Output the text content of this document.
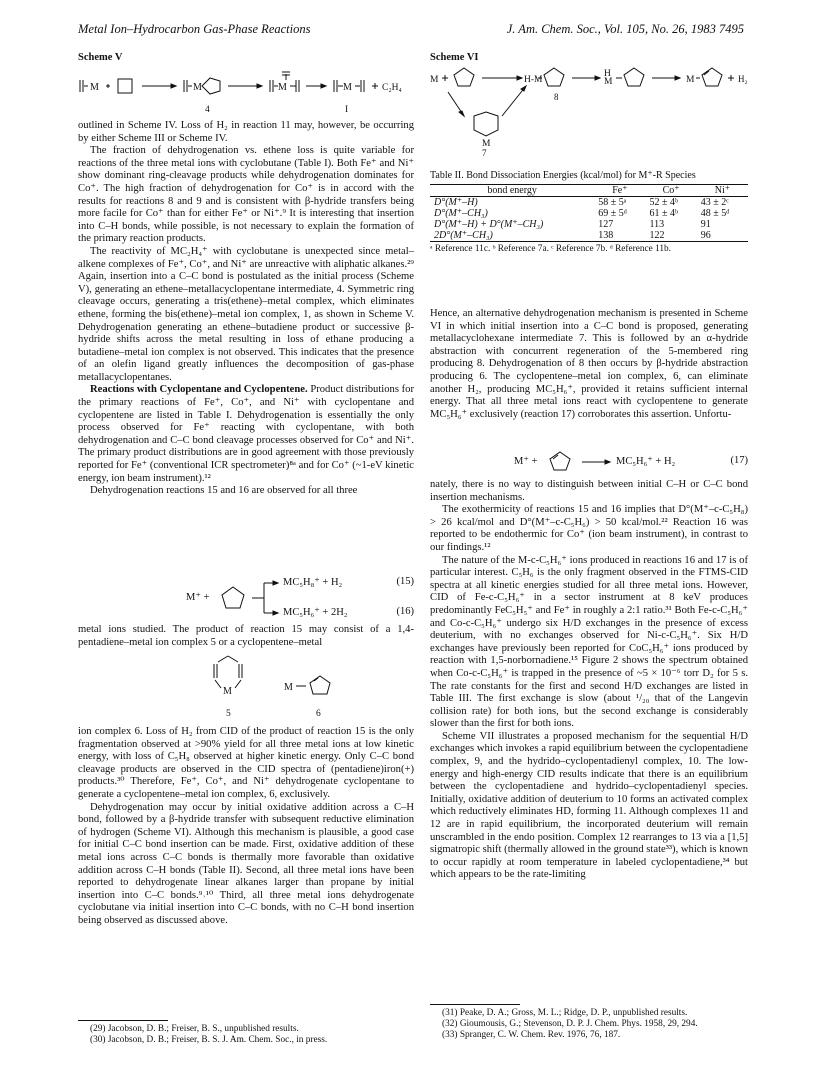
Metal Ion–Hydrocarbon Gas-Phase Reactions	J. Am. Chem. Soc., Vol. 105, No. 26, 1983 7495
Scheme V
M	M	M	M
4	I
C₂H₄

outlined in Scheme IV. Loss of H₂ in reaction 11 may, however, be occurring by either Scheme III or Scheme IV.

The fraction of dehydrogenation vs. ethene loss is quite variable for reactions of the three metal ions with cyclobutane (Table I). Both Fe⁺ and Ni⁺ show dominant ring-cleavage products while dehydrogenation dominates for Co⁺. The high fraction of dehydrogenation for Co⁺ is in accord with the results for reactions 8 and 9 and is consistent with β-hydride transfers being more facile for Co⁺ than for either Fe⁺ or Ni⁺.⁹ It is interesting that insertion into C–H bonds, while possible, is not necessary to explain the formation of the primary reaction products.

The reactivity of MC₂H₄⁺ with cyclobutane is unexpected since metal–alkene complexes of Fe⁺, Co⁺, and Ni⁺ are unreactive with aliphatic alkanes.²⁹ Again, insertion into a C–C bond is postulated as the initial process (Scheme V), generating an ethene–metallacyclopentane intermediate, 4. Symmetric ring cleavage occurs, generating a tris(ethene)–metal complex, which eliminates ethene, forming the bis(ethene)–metal ion complex, 1, as shown in Scheme V. Dehydrogenation generating an ethene–butadiene product or successive β-hydride shifts across the metal resulting in loss of ethane producing a butadiene–metal ion complex is not observed. This indicates that the presence of an olefin ligand greatly influences the decomposition of gas-phase metallacyclopentanes.

Reactions with Cyclopentane and Cyclopentene. Product distributions for the primary reactions of Fe⁺, Co⁺, and Ni⁺ with cyclopentane and cyclopentene are listed in Table I. Dehydrogenation is essentially the only process observed for Fe⁺ reacting with cyclopentane, with both dehydrogenation and C–C bond cleavage processes observed for Co⁺ and Ni⁺. The primary product distributions are in good agreement with those previously reported for Fe⁺ (conventional ICR spectrometer)⁸ᵃ and for Co⁺ (~1-eV kinetic energy, ion beam instrument).¹²

Dehydrogenation reactions 15 and 16 are observed for all three

M⁺ +
MC₅H₈⁺ + H₂
MC₅H₆⁺ + 2H₂
(15)
(16)

metal ions studied. The product of reaction 15 may consist of a 1,4-pentadiene–metal ion complex 5 or a cyclopentene–metal

M	M
5	6

ion complex 6. Loss of H₂ from CID of the product of reaction 15 is the only fragmentation observed at >90% yield for all three metal ions at low kinetic energy, with loss of C₅H₈ observed at higher kinetic energy. Only C–C bond cleavage products are observed in the CID spectra of (pentadiene)iron(+) products.³⁰ Therefore, Fe⁺, Co⁺, and Ni⁺ dehydrogenate cyclopentane to generate a cyclopentene–metal ion complex, 6, exclusively.

Dehydrogenation may occur by initial oxidative addition across a C–H bond, followed by a β-hydride transfer with subsequent reductive elimination of hydrogen (Scheme VI). Although this mechanism is plausible, a good case for initial C–C bond insertion can be made. First, oxidative addition of these metal ions across C–C bonds is thermally more favorable than oxidative addition across C–H bonds (Table II). Second, all three metal ions have been reported to dehydrogenate linear alkanes larger than propane by initial insertion into C–C bonds.⁹˒¹⁰ Third, all three metal ions dehydrogenate cyclobutane via initial insertion into C–C bonds, with no C–H bond insertion being observed as discussed above.

(29) Jacobson, D. B.; Freiser, B. S., unpublished results.
(30) Jacobson, D. B.; Freiser, B. S. J. Am. Chem. Soc., in press.
Scheme VI
M	H-M
H
M	M
M
8
7
H₂
Table II. Bond Dissociation Energies (kcal/mol) for M⁺-R Species
bond energy	Fe⁺	Co⁺	Ni⁺
D°(M⁺–H)	58 ± 5ᵃ	52 ± 4ᵇ	43 ± 2ᶜ
D°(M⁺–CH₃)	69 ± 5ᵈ	61 ± 4ᵇ	48 ± 5ᵈ
D°(M⁺–H) + D°(M⁺–CH₃)	127	113	91
2D°(M⁺–CH₃)	138	122	96
ᵃ Reference 11c. ᵇ Reference 7a. ᶜ Reference 7b. ᵈ Reference 11b.

Hence, an alternative dehydrogenation mechanism is presented in Scheme VI in which initial insertion into a C–C bond is proposed, generating metallacyclohexane intermediate 7. This is followed by an α-hydride abstraction with concurrent regeneration of the 5-membered ring producing 8. Dehydrogenation of 8 then occurs by β-hydride abstraction producing 6. The cyclopentene–metal ion complex, 6, can eliminate another H₂, producing MC₅H₆⁺, provided it retains sufficient internal energy. That all three metal ions react with cyclopentene to generate MC₅H₆⁺ exclusively (reaction 17) corroborates this assertion. Unfortu-

M⁺ +	MC₅H₆⁺ + H₂	(17)

nately, there is no way to distinguish between initial C–H or C–C bond insertion mechanisms.

The exothermicity of reactions 15 and 16 implies that D°(M⁺–c-C₅H₈) > 26 kcal/mol and D°(M⁺–c-C₅H₆) > 50 kcal/mol.²² Reaction 16 was reported to be endothermic for Co⁺ (ion beam instrument), in contrast to our findings.¹²

The nature of the M-c-C₅H₆⁺ ions produced in reactions 16 and 17 is of particular interest. C₅H₆ is the only fragment observed in the FTMS-CID spectra at all kinetic energies studied for all three metal ions. However, CID of Fe-c-C₅H₆⁺ in a sector instrument at 8 keV produces predominantly FeC₅H₅⁺ and Fe⁺ in roughly a 2:1 ratio.³¹ Both Fe-c-C₅H₆⁺ and Co-c-C₅H₆⁺ undergo six H/D exchanges in the presence of excess deuterium, with no exchanges observed for Ni-c-C₅H₆⁺. Six H/D exchanges have previously been reported for CoC₅H₆⁺ ions produced by reaction with 1,5-norbornadiene.¹⁵ Figure 2 shows the spectrum obtained when Co-c-C₅H₆⁺ is trapped in the presence of ~5 × 10⁻⁶ torr D₂ for 5 s. The rate constants for the first and second H/D exchanges are listed in Table III. The first exchange is slow (about ¹/₂₀ that of the Langevin collision rate) for both ions, but the second exchange is considerably slower than the first for both ions.

Scheme VII illustrates a proposed mechanism for the sequential H/D exchanges which invokes a rapid equilibrium between the cyclopentadiene complex, 9, and the hydrido–cyclopentadienyl complex, 10. The low-energy and high-energy CID results indicate that there is an equilibrium between the cyclopentadiene and hydrido–cyclopentadienyl species. Initially, oxidative addition of deuterium to 10 forms an activated complex which reductively eliminates HD, forming 11. Although complexes 11 and 12 are in rapid equilibrium, the incorporated deuterium will remain unscrambled in the endo position. Complex 12 rearranges to 13 via a [1,5] sigmatropic shift (thermally allowed in the ground state³³), which is known to occur rapidly at room temperature in labeled cyclopentadiene,³⁴ but which appears to be the rate-limiting

(31) Peake, D. A.; Gross, M. L.; Ridge, D. P., unpublished results.
(32) Gioumousis, G.; Stevenson, D. P. J. Chem. Phys. 1958, 29, 294.
(33) Spranger, C. W. Chem. Rev. 1976, 76, 187.
